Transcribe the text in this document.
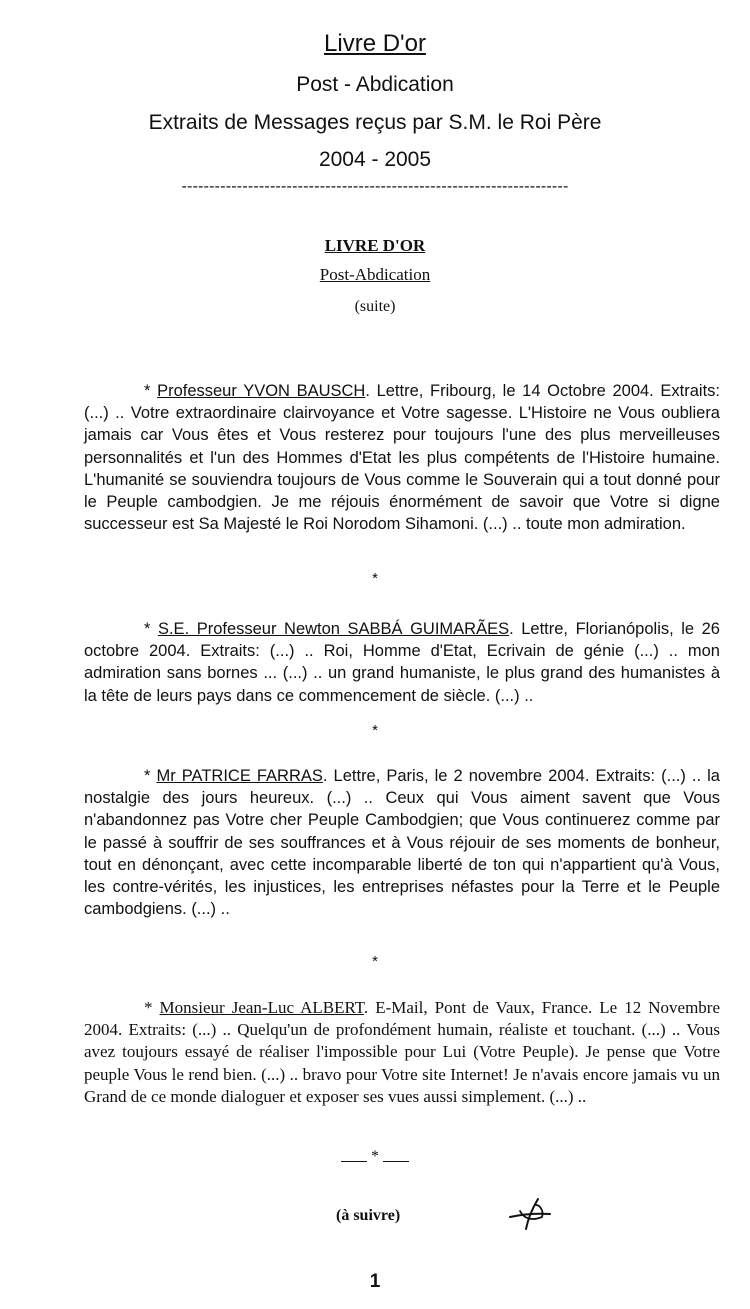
Livre D'or
Post - Abdication
Extraits de Messages reçus par S.M. le Roi Père
2004 - 2005
----------------------------------------------------------------------
LIVRE D'OR
Post-Abdication
(suite)

* Professeur YVON BAUSCH. Lettre, Fribourg, le 14 Octobre 2004. Extraits: (...) .. Votre extraordinaire clairvoyance et Votre sagesse. L'Histoire ne Vous oubliera jamais car Vous êtes et Vous resterez pour toujours l'une des plus merveilleuses personnalités et l'un des Hommes d'Etat les plus compétents de l'Histoire humaine. L'humanité se souviendra toujours de Vous comme le Souverain qui a tout donné pour le Peuple cambodgien. Je me réjouis énormément de savoir que Votre si digne successeur est Sa Majesté le Roi Norodom Sihamoni. (...) .. toute mon admiration.

*

* S.E. Professeur Newton SABBÁ GUIMARÃES. Lettre, Florianópolis, le 26 octobre 2004. Extraits: (...) .. Roi, Homme d'Etat, Ecrivain de génie (...) .. mon admiration sans bornes ... (...) .. un grand humaniste, le plus grand des humanistes à la tête de leurs pays dans ce commencement de siècle. (...) ..

*

* Mr PATRICE FARRAS. Lettre, Paris, le 2 novembre 2004. Extraits: (...) .. la nostalgie des jours heureux. (...) .. Ceux qui Vous aiment savent que Vous n'abandonnez pas Votre cher Peuple Cambodgien; que Vous continuerez comme par le passé à souffrir de ses souffrances et à Vous réjouir de ses moments de bonheur, tout en dénonçant, avec cette incomparable liberté de ton qui n'appartient qu'à Vous, les contre-vérités, les injustices, les entreprises néfastes pour la Terre et le Peuple cambodgiens. (...) ..

*

* Monsieur Jean-Luc ALBERT. E-Mail, Pont de Vaux, France. Le 12 Novembre 2004. Extraits: (...) .. Quelqu'un de profondément humain, réaliste et touchant. (...) .. Vous avez toujours essayé de réaliser l'impossible pour Lui (Votre Peuple). Je pense que Votre peuple Vous le rend bien. (...) .. bravo pour Votre site Internet! Je n'avais encore jamais vu un Grand de ce monde dialoguer et exposer ses vues aussi simplement. (...) ..

*
(à suivre)
1
